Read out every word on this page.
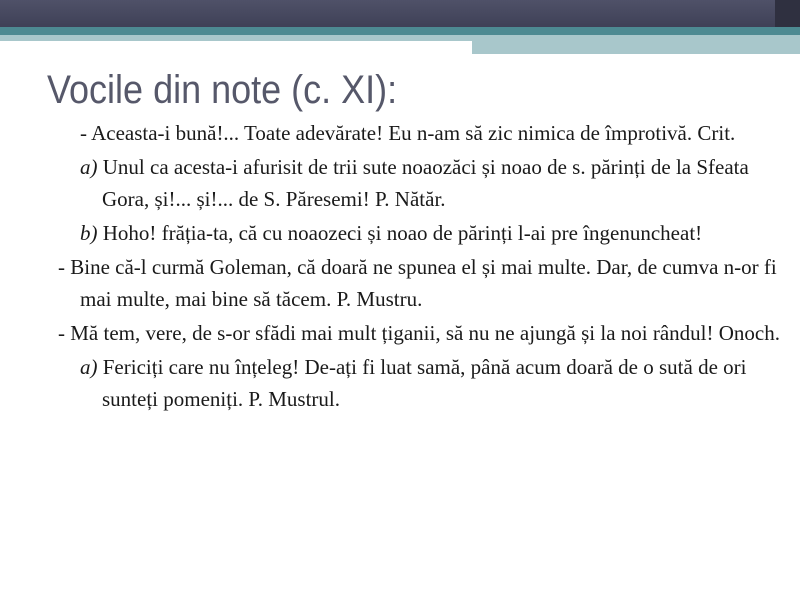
Vocile din note (c. XI):

- Aceasta-i bună!... Toate adevărate! Eu n-am să zic nimica de împrotivă. Crit.

a) Unul ca acesta-i afurisit de trii sute noaozăci și noao de s. părinți de la Sfeata Gora, și!... și!... de S. Păresemi! P. Nătăr.

b) Hoho! frăția-ta, că cu noaozeci și noao de părinți l-ai pre îngenuncheat!

- Bine că-l curmă Goleman, că doară ne spunea el și mai multe. Dar, de cumva n-or fi mai multe, mai bine să tăcem. P. Mustru.

- Mă tem, vere, de s-or sfădi mai mult țiganii, să nu ne ajungă și la noi rândul! Onoch.

a) Fericiți care nu înțeleg! De-ați fi luat samă, până acum doară de o sută de ori sunteți pomeniți. P. Mustrul.
